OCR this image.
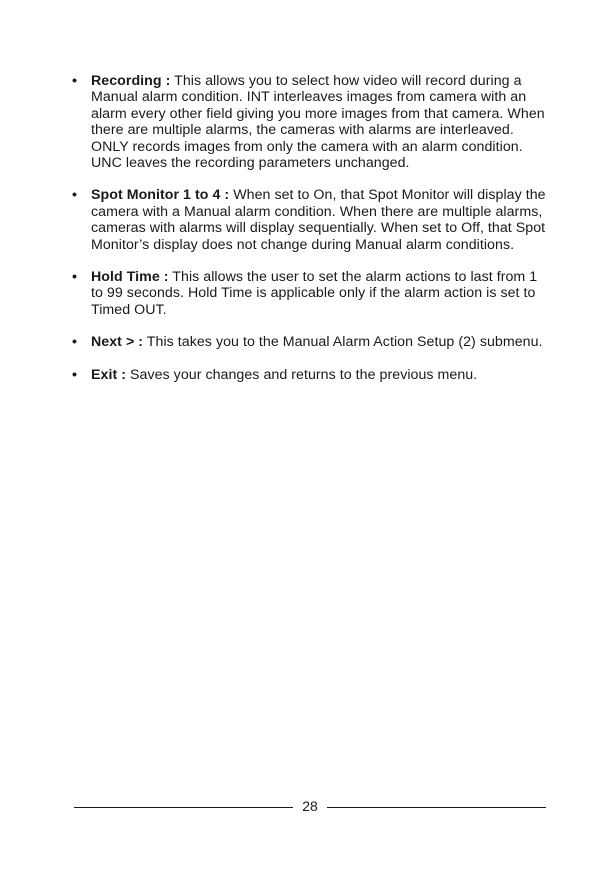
• Recording : This allows you to select how video will record during a Manual alarm condition. INT interleaves images from camera with an alarm every other field giving you more images from that camera. When there are multiple alarms, the cameras with alarms are interleaved. ONLY records images from only the camera with an alarm condition. UNC leaves the recording parameters unchanged.
• Spot Monitor 1 to 4 : When set to On, that Spot Monitor will display the camera with a Manual alarm condition. When there are multiple alarms, cameras with alarms will display sequentially. When set to Off, that Spot Monitor’s display does not change during Manual alarm conditions.
• Hold Time : This allows the user to set the alarm actions to last from 1 to 99 seconds. Hold Time is applicable only if the alarm action is set to Timed OUT.
• Next > : This takes you to the Manual Alarm Action Setup (2) submenu.
• Exit : Saves your changes and returns to the previous menu.
28
